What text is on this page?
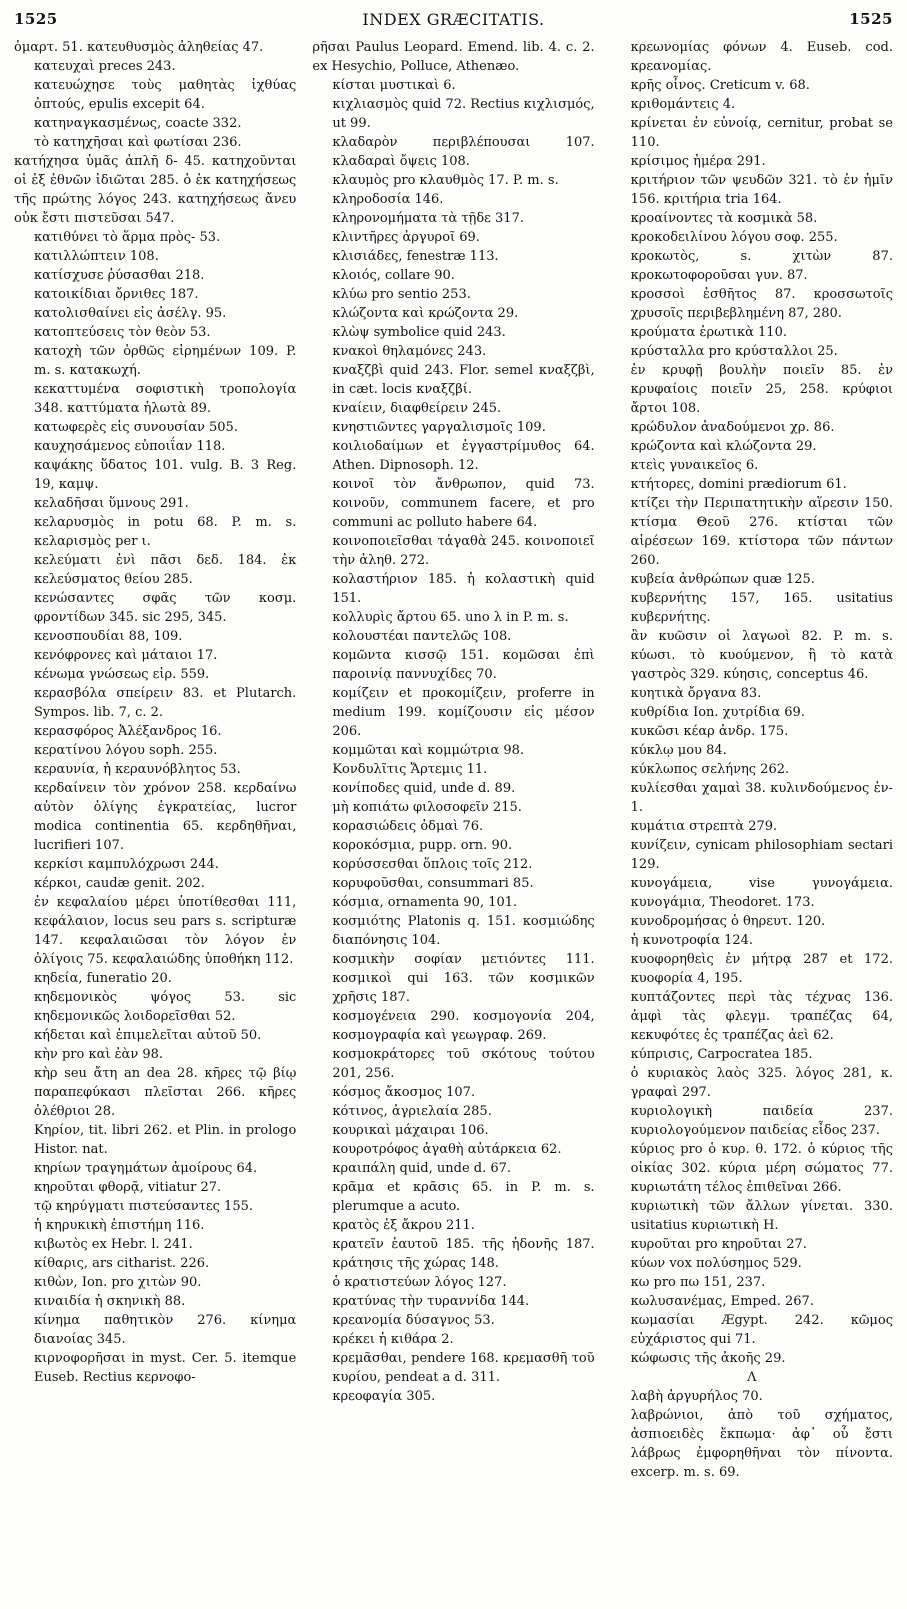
1525	INDEX GRÆCITATIS.	1525

ὁμαρτ. 51. κατευθυσμὸς ἀληθείας 47.

κατευχαὶ preces 243.

κατευώχησε τοὺς μαθητὰς ἰχθύας ὀπτούς, epulis excepit 64.

κατηναγκασμένως, coacte 332.

τὸ κατηχῆσαι καὶ φωτίσαι 236.

κατήχησα ὑμᾶς ἁπλῆ δ- 45. κατηχοῦνται οἱ ἐξ ἐθνῶν ἰδιῶται 285. ὁ ἐκ κατηχήσεως τῆς πρώτης λόγος 243. κατηχήσεως ἄνευ οὐκ ἔστι πιστεῦσαι 547.

κατιθύνει τὸ ἅρμα πρὸς- 53.

κατιλλώπτειν 108.

κατίσχυσε ῥύσασθαι 218.

κατοικίδιαι ὄρνιθες 187.

κατολισθαίνει εἰς ἀσέλγ. 95.

κατοπτεύσεις τὸν θεὸν 53.

κατοχὴ τῶν ὀρθῶς εἰρημένων 109. P. m. s. κατακωχή.

κεκαττυμένα σοφιστικὴ τροπολογία 348. καττύματα ἡλωτὰ 89.

κατωφερὲς εἰς συνουσίαν 505.

καυχησάμενος εὐποιΐαν 118.

καψάκης ὕδατος 101. vulg. B. 3 Reg. 19, καμψ.

κελαδῆσαι ὕμνους 291.

κελαρυσμὸς in potu 68. P. m. s. κελαρισμὸς per ι.

κελεύματι ἐνὶ πᾶσι δεδ. 184. ἐκ κελεύσματος θείου 285.

κενώσαντες σφᾶς τῶν κοσμ. φροντίδων 345. sic 295, 345.

κενοσπουδίαι 88, 109.

κενόφρονες καὶ μάταιοι 17.

κένωμα γνώσεως εἰρ. 559.

κερασβόλα σπείρειν 83. et Plutarch. Sympos. lib. 7, c. 2.

κερασφόρος Ἀλέξανδρος 16.

κερατίνου λόγου soph. 255.

κεραυνία, ἡ κεραυνόβλητος 53.

κερδαίνειν τὸν χρόνον 258. κερδαίνω αὐτὸν ὀλίγης ἐγκρατείας, lucror modica continentia 65. κερδηθῆναι, lucrifieri 107.

κερκίσι καμπυλόχρωσι 244.

κέρκοι, caudæ genit. 202.

ἐν κεφαλαίου μέρει ὑποτίθεσθαι 111, κεφάλαιον, locus seu pars s. scripturæ 147. κεφαλαιῶσαι τὸν λόγον ἐν ὀλίγοις 75. κεφαλαιώδης ὑποθήκη 112.

κηδεία, funeratio 20.

κηδεμονικὸς ψόγος 53. sic κηδεμονικῶς λοιδορεῖσθαι 52.

κήδεται καὶ ἐπιμελεῖται αὐτοῦ 50.

κὴν pro καὶ ἐὰν 98.

κὴρ seu ἄτη an dea 28. κῆρες τῷ βίῳ παραπεφύκασι πλεῖσται 266. κῆρες ὀλέθριοι 28.

Κηρίον, tit. libri 262. et Plin. in prologo Histor. nat.

κηρίων τραγημάτων ἀμοίρους 64.

κηροῦται φθορᾷ, vitiatur 27.

τῷ κηρύγματι πιστεύσαντες 155.

ἡ κηρυκικὴ ἐπιστήμη 116.

κιβωτὸς ex Hebr. l. 241.

κίθαρις, ars citharist. 226.

κιθὼν, Ion. pro χιτὼν 90.

κιναιδία ἡ σκηνικὴ 88.

κίνημα παθητικὸν 276. κίνημα διανοίας 345.

κιρνοφορῆσαι in myst. Cer. 5. itemque Euseb. Rectius κερνοφο-

ρῆσαι Paulus Leopard. Emend. lib. 4. c. 2. ex Hesychio, Polluce, Athenæo.

κίσται μυστικαὶ 6.

κιχλιασμὸς quid 72. Rectius κιχλισμός, ut 99.

κλαδαρὸν περιβλέπουσαι 107. κλαδαραὶ ὄψεις 108.

κλαυμὸς pro κλαυθμὸς 17. P. m. s.

κληροδοσία 146.

κληρονομήματα τὰ τῇδε 317.

κλιντῆρες ἀργυροῖ 69.

κλισιάδες, fenestræ 113.

κλοιός, collare 90.

κλύω pro sentio 253.

κλώζοντα καὶ κρώζοντα 29.

κλὼψ symbolice quid 243.

κνακοὶ θηλαμόνες 243.

κναξζβὶ quid 243. Flor. semel κναξζβὶ, in cæt. locis κναξζβί.

κναίειν, διαφθείρειν 245.

κνηστιῶντες γαργαλισμοῖς 109.

κοιλιοδαίμων et ἐγγαστρίμυθος 64. Athen. Dipnosoph. 12.

κοινοῖ τὸν ἄνθρωπον, quid 73. κοινοῦν, communem facere, et pro communi ac polluto habere 64.

κοινοποιεῖσθαι τἀγαθὰ 245. κοινοποιεῖ τὴν ἀληθ. 272.

κολαστήριον 185. ἡ κολαστικὴ quid 151.

κολλυρὶς ἄρτου 65. uno λ in P. m. s.

κολουστέαι παντελῶς 108.

κομῶντα κισσῷ 151. κομῶσαι ἐπὶ παροινίᾳ παννυχίδες 70.

κομίζειν et προκομίζειν, proferre in medium 199. κομίζουσιν εἰς μέσον 206.

κομμῶται καὶ κομμώτρια 98.

Κονδυλῖτις Ἄρτεμις 11.

κονίποδες quid, unde d. 89.

μὴ κοπιάτω φιλοσοφεῖν 215.

κορασιώδεις ὀδμαὶ 76.

κοροκόσμια, pupp. orn. 90.

κορύσσεσθαι ὅπλοις τοῖς 212.

κορυφοῦσθαι, consummari 85.

κόσμια, ornamenta 90, 101.

κοσμιότης Platonis q. 151. κοσμιώδης διαπόνησις 104.

κοσμικὴν σοφίαν μετιόντες 111. κοσμικοὶ qui 163. τῶν κοσμικῶν χρῆσις 187.

κοσμογένεια 290. κοσμογονία 204, κοσμογραφία καὶ γεωγραφ. 269.

κοσμοκράτορες τοῦ σκότους τούτου 201, 256.

κόσμος ἄκοσμος 107.

κότινος, ἀγριελαία 285.

κουρικαὶ μάχαιραι 106.

κουροτρόφος ἀγαθὴ αὐτάρκεια 62.

κραιπάλη quid, unde d. 67.

κρᾶμα et κρᾶσις 65. in P. m. s. plerumque a acuto.

κρατὸς ἐξ ἄκρου 211.

κρατεῖν ἑαυτοῦ 185. τῆς ἡδονῆς 187. κράτησις τῆς χώρας 148.

ὁ κρατιστεύων λόγος 127.

κρατύνας τὴν τυραννίδα 144.

κρεανομία δύσαγνος 53.

κρέκει ἡ κιθάρα 2.

κρεμᾶσθαι, pendere 168. κρεμασθῆ τοῦ κυρίου, pendeat a d. 311.

κρεοφαγία 305.

κρεωνομίας φόνων 4. Euseb. cod. κρεανομίας.

κρῆς οἶνος. Creticum v. 68.

κριθομάντεις 4.

κρίνεται ἐν εὐνοίᾳ, cernitur, probat se 110.

κρίσιμος ἡμέρα 291.

κριτήριον τῶν ψευδῶν 321. τὸ ἐν ἡμῖν 156. κριτήρια tria 164.

κροαίνοντες τὰ κοσμικὰ 58.

κροκοδειλίνου λόγου σοφ. 255.

κροκωτὸς, s. χιτὼν 87. κροκωτοφοροῦσαι γυν. 87.

κροσσοὶ ἐσθῆτος 87. κροσσωτοῖς χρυσοῖς περιβεβλημένη 87, 280.

κρούματα ἐρωτικὰ 110.

κρύσταλλα pro κρύσταλλοι 25.

ἐν κρυφῇ βουλὴν ποιεῖν 85. ἐν κρυφαίοις ποιεῖν 25, 258. κρύφιοι ἄρτοι 108.

κρώδυλον ἀναδούμενοι χρ. 86.

κρώζοντα καὶ κλώζοντα 29.

κτεὶς γυναικεῖος 6.

κτήτορες, domini prædiorum 61.

κτίζει τὴν Περιπατητικὴν αἵρεσιν 150. κτίσμα Θεοῦ 276. κτίσται τῶν αἱρέσεων 169. κτίστορα τῶν πάντων 260.

κυβεία ἀνθρώπων quæ 125.

κυβερνήτης 157, 165. usitatius κυβερνήτης.

ἂν κυῶσιν οἱ λαγωοὶ 82. P. m. s. κύωσι. τὸ κυούμενον, ἢ τὸ κατὰ γαστρὸς 329. κύησις, conceptus 46.

κυητικὰ ὄργανα 83.

κυθρίδια Ion. χυτρίδια 69.

κυκῶσι κέαρ ἀνδρ. 175.

κύκλῳ μου 84.

κύκλωπος σελήνης 262.

κυλίεσθαι χαμαὶ 38. κυλινδούμενος ἐν- 1.

κυμάτια στρεπτὰ 279.

κυνίζειν, cynicam philosophiam sectari 129.

κυνογάμεια, vise γυνογάμεια. κυνογάμια, Theodoret. 173.

κυνοδρομήσας ὁ θηρευτ. 120.

ἡ κυνοτροφία 124.

κυοφορηθεὶς ἐν μήτρᾳ 287 et 172. κυοφορία 4, 195.

κυπτάζοντες περὶ τὰς τέχνας 136. ἀμφὶ τὰς φλεγμ. τραπέζας 64, κεκυφότες ἐς τραπέζας ἀεὶ 62.

κύπρισις, Carpocratea 185.

ὁ κυριακὸς λαὸς 325. λόγος 281, κ. γραφαὶ 297.

κυριολογικὴ παιδεία 237. κυριολογούμενον παιδείας εἶδος 237.

κύριος pro ὁ κυρ. θ. 172. ὁ κύριος τῆς οἰκίας 302. κύρια μέρη σώματος 77. κυριωτάτη τέλος ἐπιθεῖναι 266.

κυριωτικὴ τῶν ἄλλων γίνεται. 330. usitatius κυριωτικὴ H.

κυροῦται pro κηροῦται 27.

κύων vox πολύσημος 529.

κω pro πω 151, 237.

κωλυσανέμας, Emped. 267.

κωμασίαι Ægypt. 242. κῶμος εὐχάριστος qui 71.

κώφωσις τῆς ἀκοῆς 29.

Λ

λαβὴ ἀργυρήλος 70.

λαβρώνιοι, ἀπὸ τοῦ σχήματος, ἀσπιοειδὲς ἔκπωμα· ἀφ᾽ οὗ ἔστι λάβρως ἐμφορηθῆναι τὸν πίνοντα. excerp. m. s. 69.
